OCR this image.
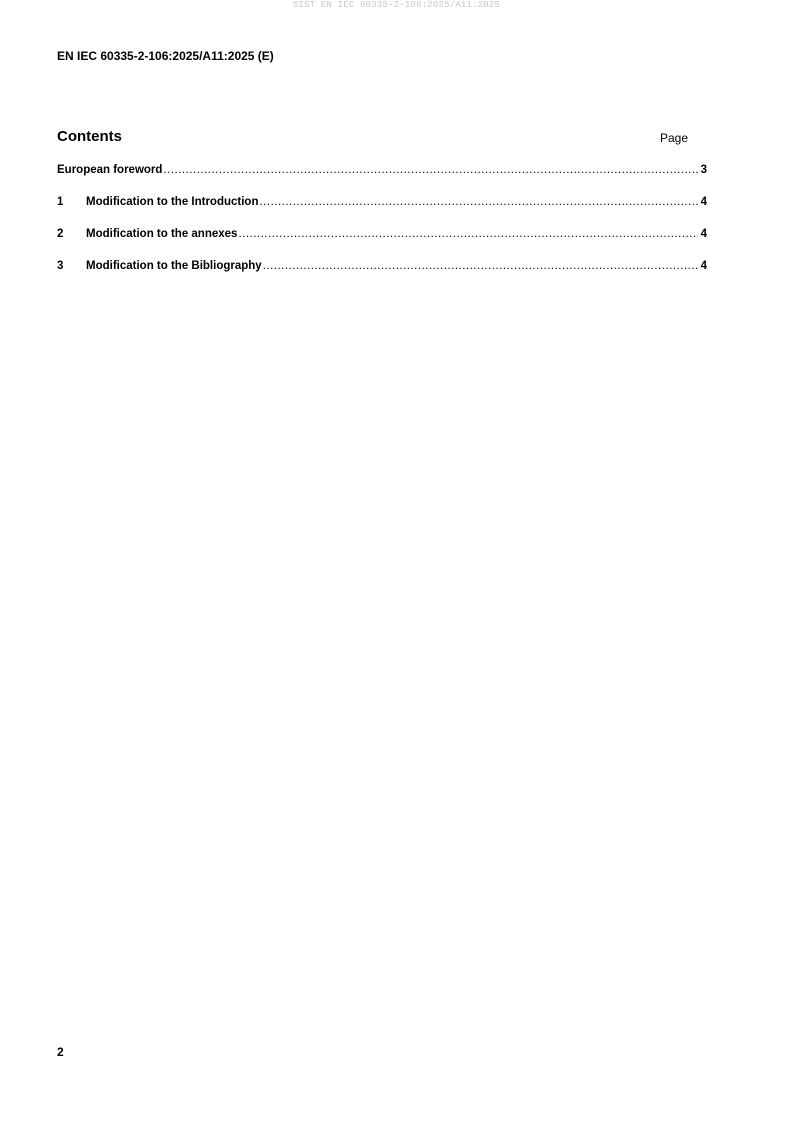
SIST EN IEC 60335-2-106:2025/A11:2025
EN IEC 60335-2-106:2025/A11:2025 (E)
Contents	Page
European foreword .....	3
1	Modification to the Introduction .....	4
2	Modification to the annexes .....	4
3	Modification to the Bibliography .....	4
2
